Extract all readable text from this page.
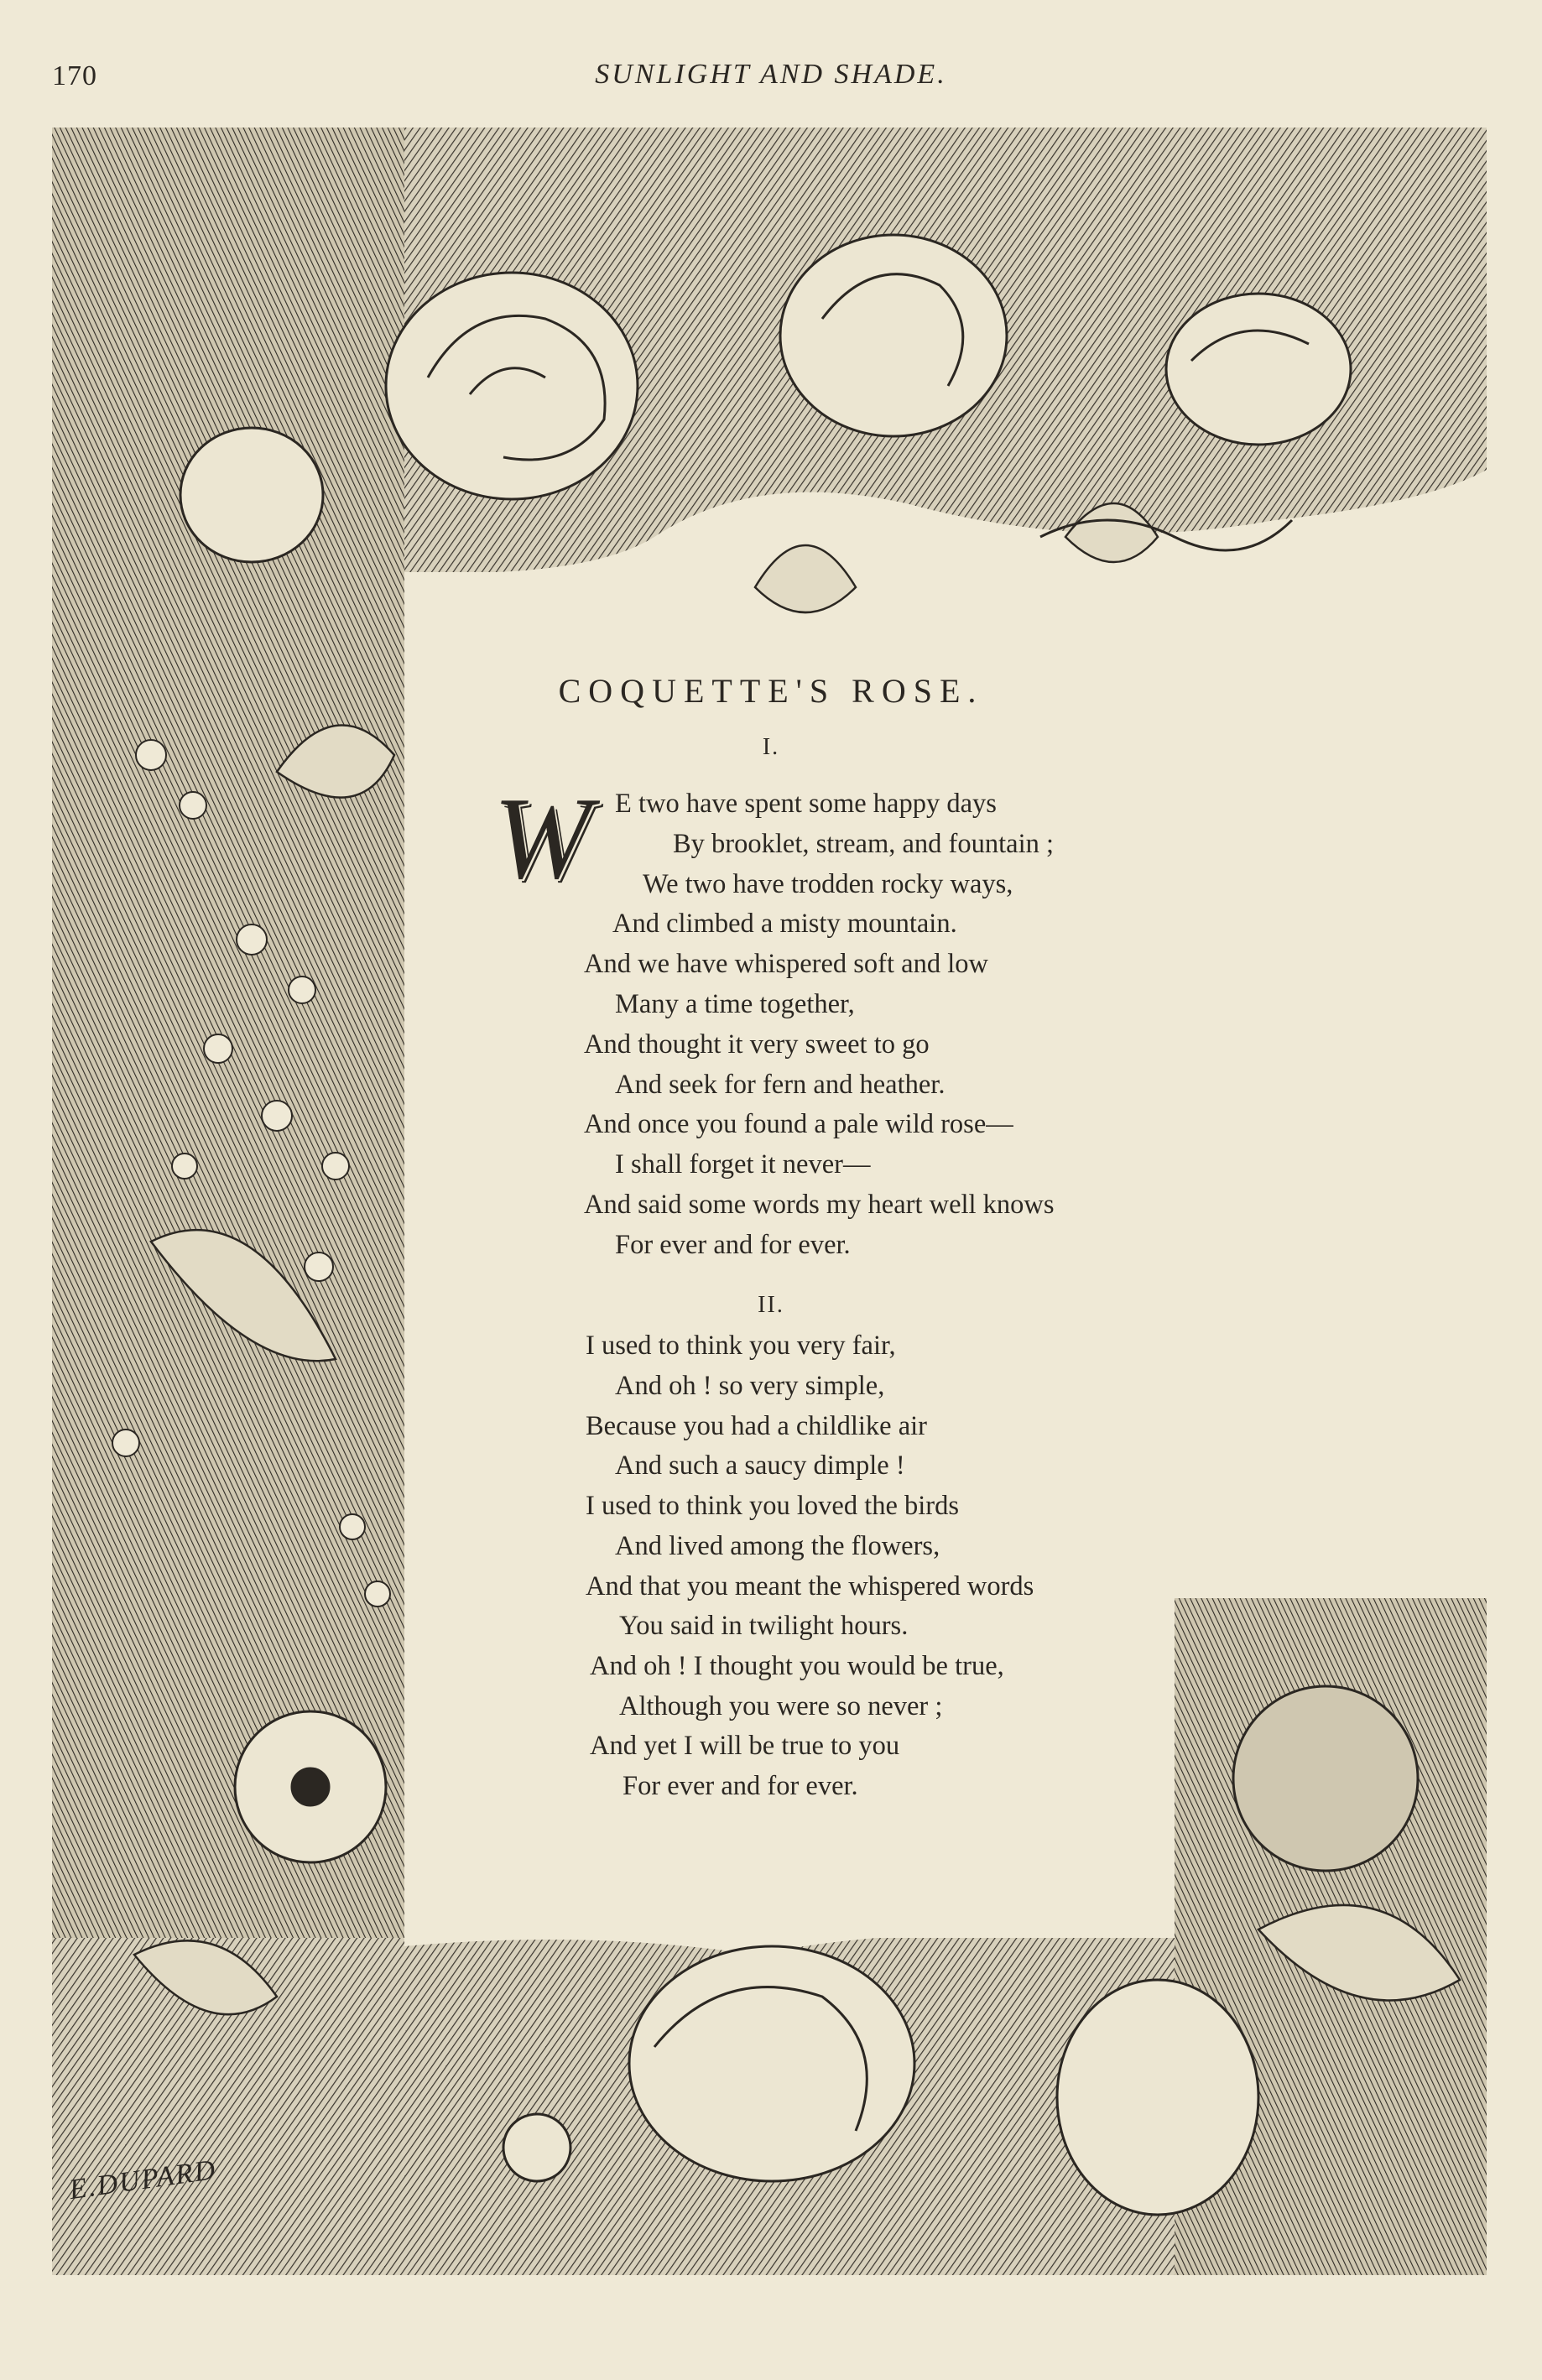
170	SUNLIGHT AND SHADE.
COQUETTE'S ROSE.
I.
W E two have spent some happy days
By brooklet, stream, and fountain ;
We two have trodden rocky ways,
And climbed a misty mountain.
And we have whispered soft and low
Many a time together,
And thought it very sweet to go
And seek for fern and heather.
And once you found a pale wild rose—
I shall forget it never—
And said some words my heart well knows
For ever and for ever.
II.
I used to think you very fair,
And oh ! so very simple,
Because you had a childlike air
And such a saucy dimple !
I used to think you loved the birds
And lived among the flowers,
And that you meant the whispered words
You said in twilight hours.
And oh ! I thought you would be true,
Although you were so never ;
And yet I will be true to you
For ever and for ever.
E.DUPARD
